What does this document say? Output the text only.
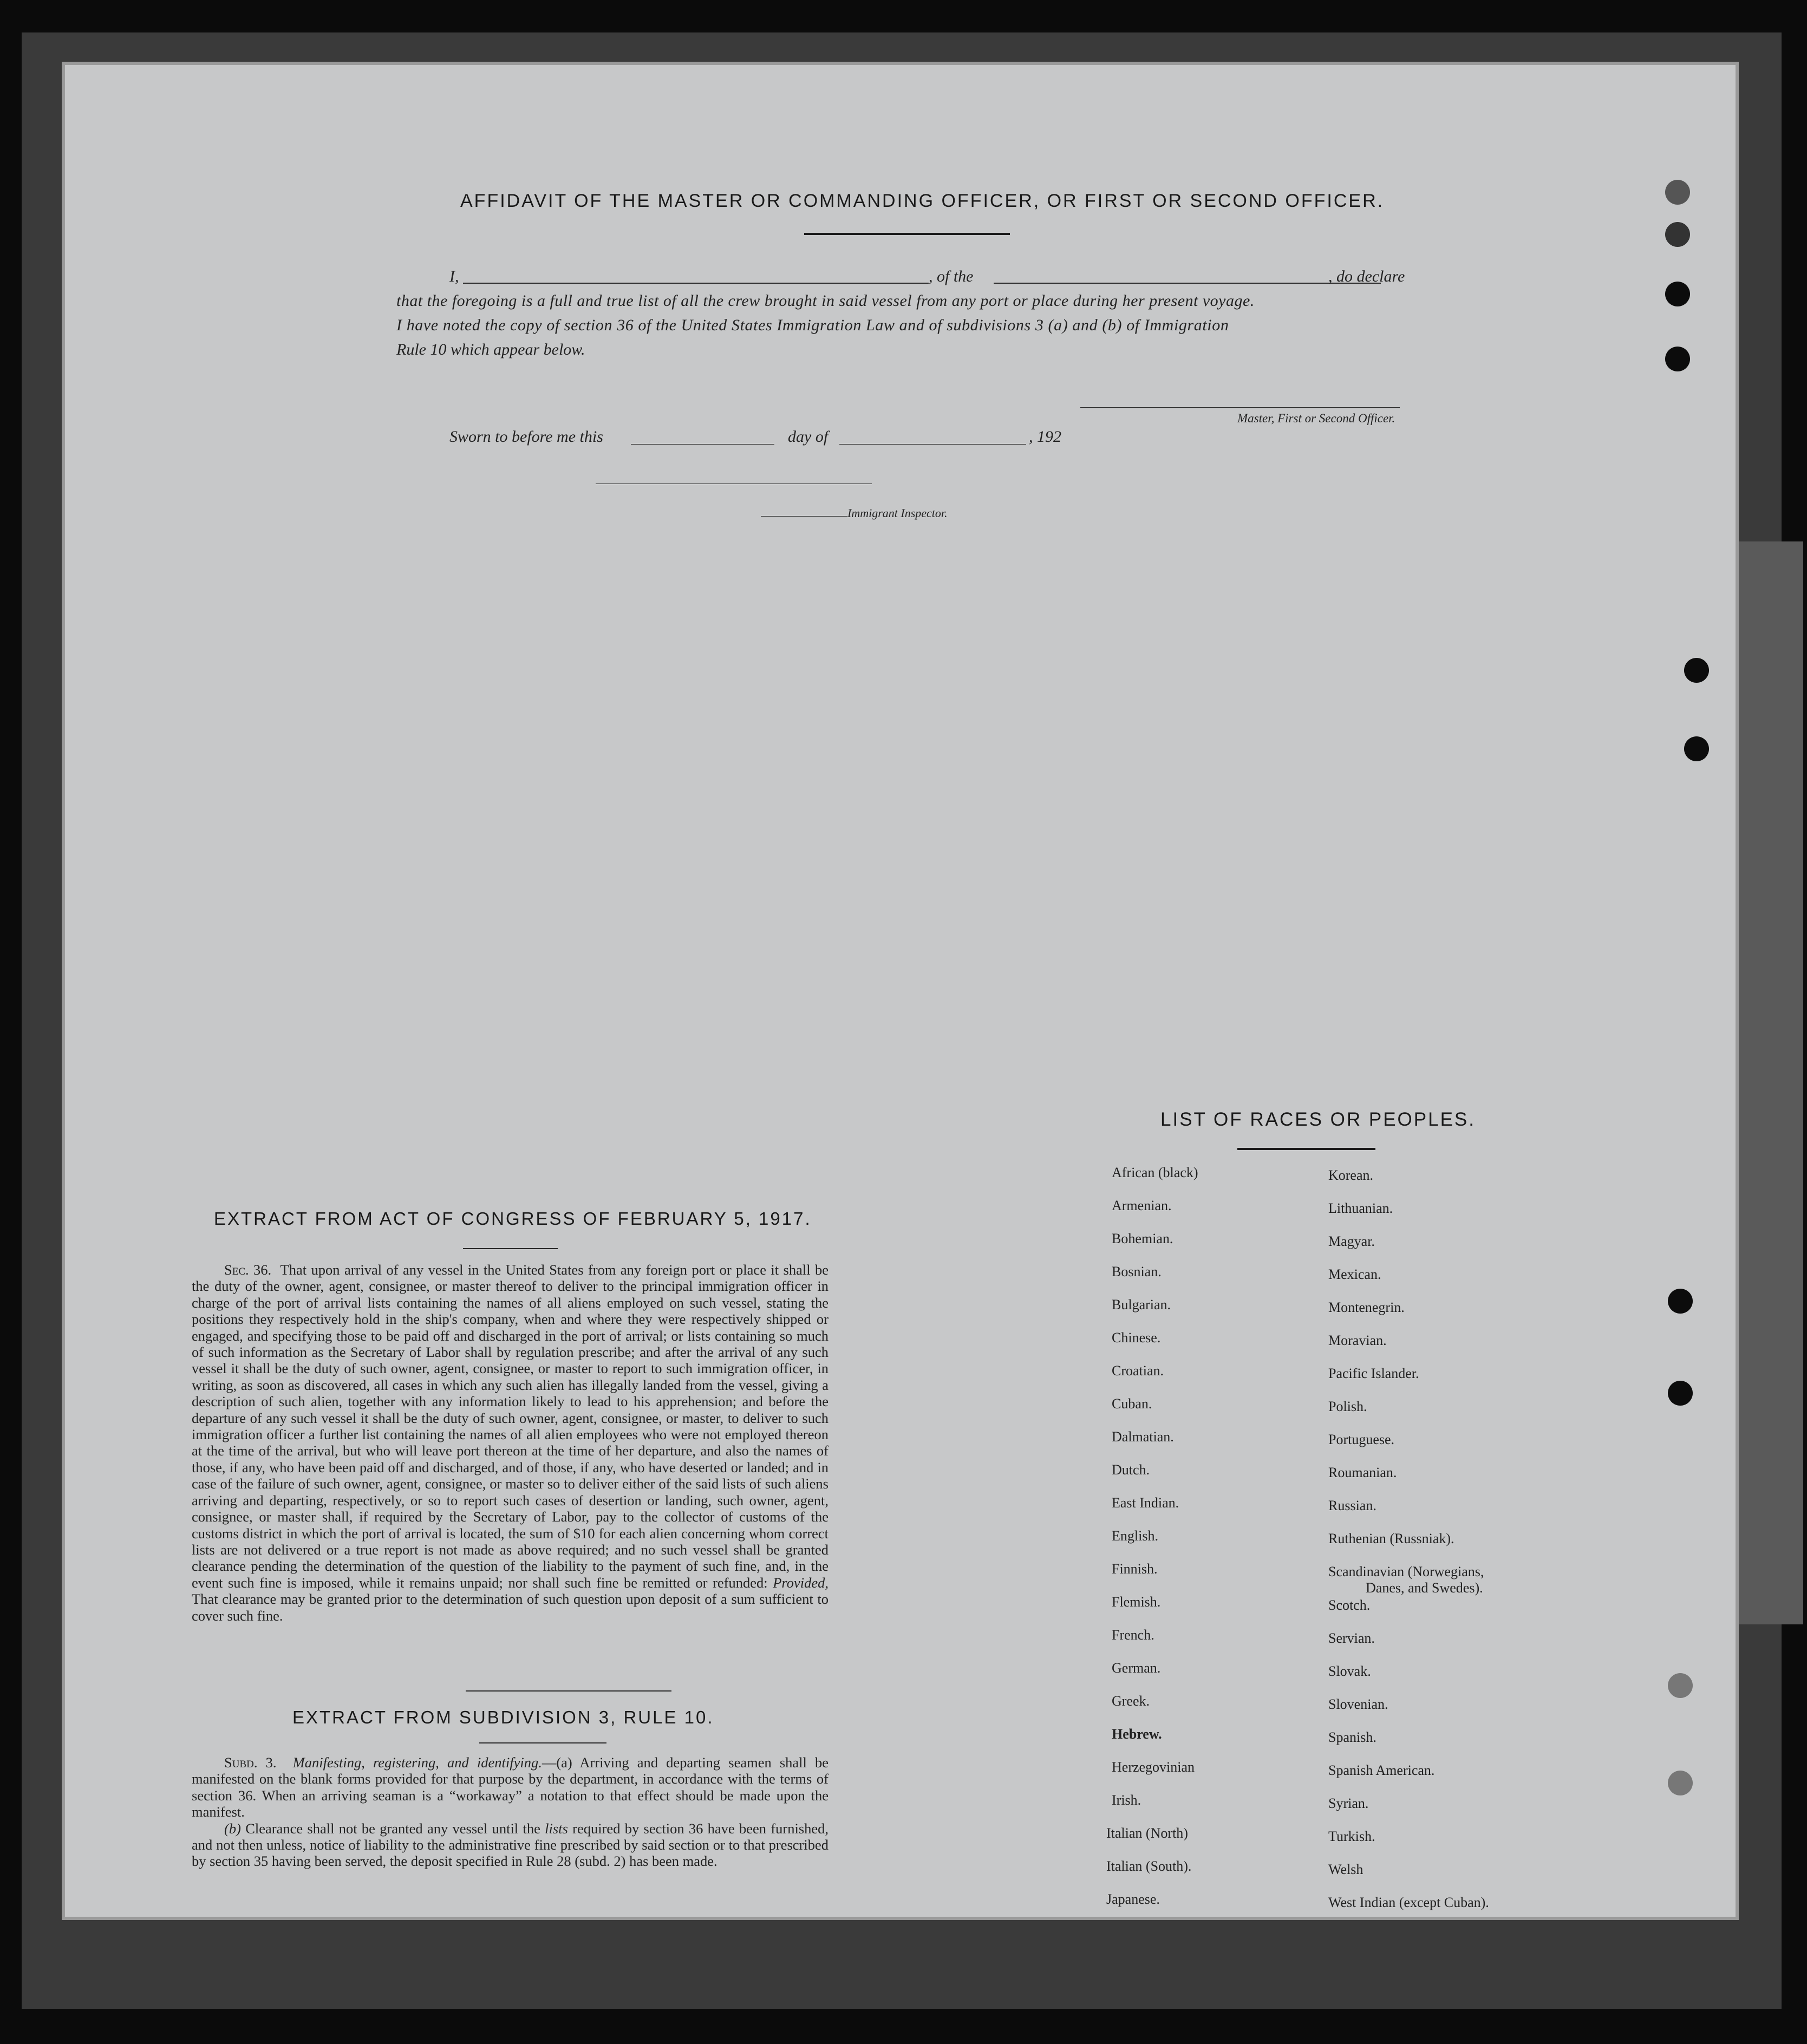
AFFIDAVIT OF THE MASTER OR COMMANDING OFFICER, OR FIRST OR SECOND OFFICER.
I,	, of the	, do declare
that the foregoing is a full and true list of all the crew brought in said vessel from any port or place during her present voyage.
I have noted the copy of section 36 of the United States Immigration Law and of subdivisions 3 (a) and (b) of Immigration
Rule 10 which appear below.
Master, First or Second Officer.
Sworn to before me this	day of	, 192
Immigrant Inspector.
EXTRACT FROM ACT OF CONGRESS OF FEBRUARY 5, 1917.

Sec. 36. That upon arrival of any vessel in the United States from any foreign port or place it shall be the duty of the owner, agent, consignee, or master thereof to deliver to the principal immigration officer in charge of the port of arrival lists containing the names of all aliens employed on such vessel, stating the positions they respectively hold in the ship's company, when and where they were respectively shipped or engaged, and specifying those to be paid off and discharged in the port of arrival; or lists containing so much of such information as the Secretary of Labor shall by regulation prescribe; and after the arrival of any such vessel it shall be the duty of such owner, agent, consignee, or master to report to such immigration officer, in writing, as soon as discovered, all cases in which any such alien has illegally landed from the vessel, giving a description of such alien, together with any information likely to lead to his apprehension; and before the departure of any such vessel it shall be the duty of such owner, agent, consignee, or master, to deliver to such immigration officer a further list containing the names of all alien employees who were not employed thereon at the time of the arrival, but who will leave port thereon at the time of her departure, and also the names of those, if any, who have been paid off and discharged, and of those, if any, who have deserted or landed; and in case of the failure of such owner, agent, consignee, or master so to deliver either of the said lists of such aliens arriving and departing, respectively, or so to report such cases of desertion or landing, such owner, agent, consignee, or master shall, if required by the Secretary of Labor, pay to the collector of customs of the customs district in which the port of arrival is located, the sum of $10 for each alien concerning whom correct lists are not delivered or a true report is not made as above required; and no such vessel shall be granted clearance pending the determination of the question of the liability to the payment of such fine, and, in the event such fine is imposed, while it remains unpaid; nor shall such fine be remitted or refunded: Provided, That clearance may be granted prior to the determination of such question upon deposit of a sum sufficient to cover such fine.

EXTRACT FROM SUBDIVISION 3, RULE 10.

Subd. 3. Manifesting, registering, and identifying.—(a) Arriving and departing seamen shall be manifested on the blank forms provided for that purpose by the department, in accordance with the terms of section 36. When an arriving seaman is a “workaway” a notation to that effect should be made upon the manifest.

(b) Clearance shall not be granted any vessel until the lists required by section 36 have been furnished, and not then unless, notice of liability to the administrative fine prescribed by said section or to that prescribed by section 35 having been served, the deposit specified in Rule 28 (subd. 2) has been made.

LIST OF RACES OR PEOPLES.
African (black)
Armenian.
Bohemian.
Bosnian.
Bulgarian.
Chinese.
Croatian.
Cuban.
Dalmatian.
Dutch.
East Indian.
English.
Finnish.
Flemish.
French.
German.
Greek.
Hebrew.
Herzegovinian
Irish.
Italian (North)
Italian (South).
Japanese.
Korean.
Lithuanian.
Magyar.
Mexican.
Montenegrin.
Moravian.
Pacific Islander.
Polish.
Portuguese.
Roumanian.
Russian.
Ruthenian (Russniak).
Scandinavian (Norwegians,
Danes, and Swedes).
Scotch.
Servian.
Slovak.
Slovenian.
Spanish.
Spanish American.
Syrian.
Turkish.
Welsh
West Indian (except Cuban).
